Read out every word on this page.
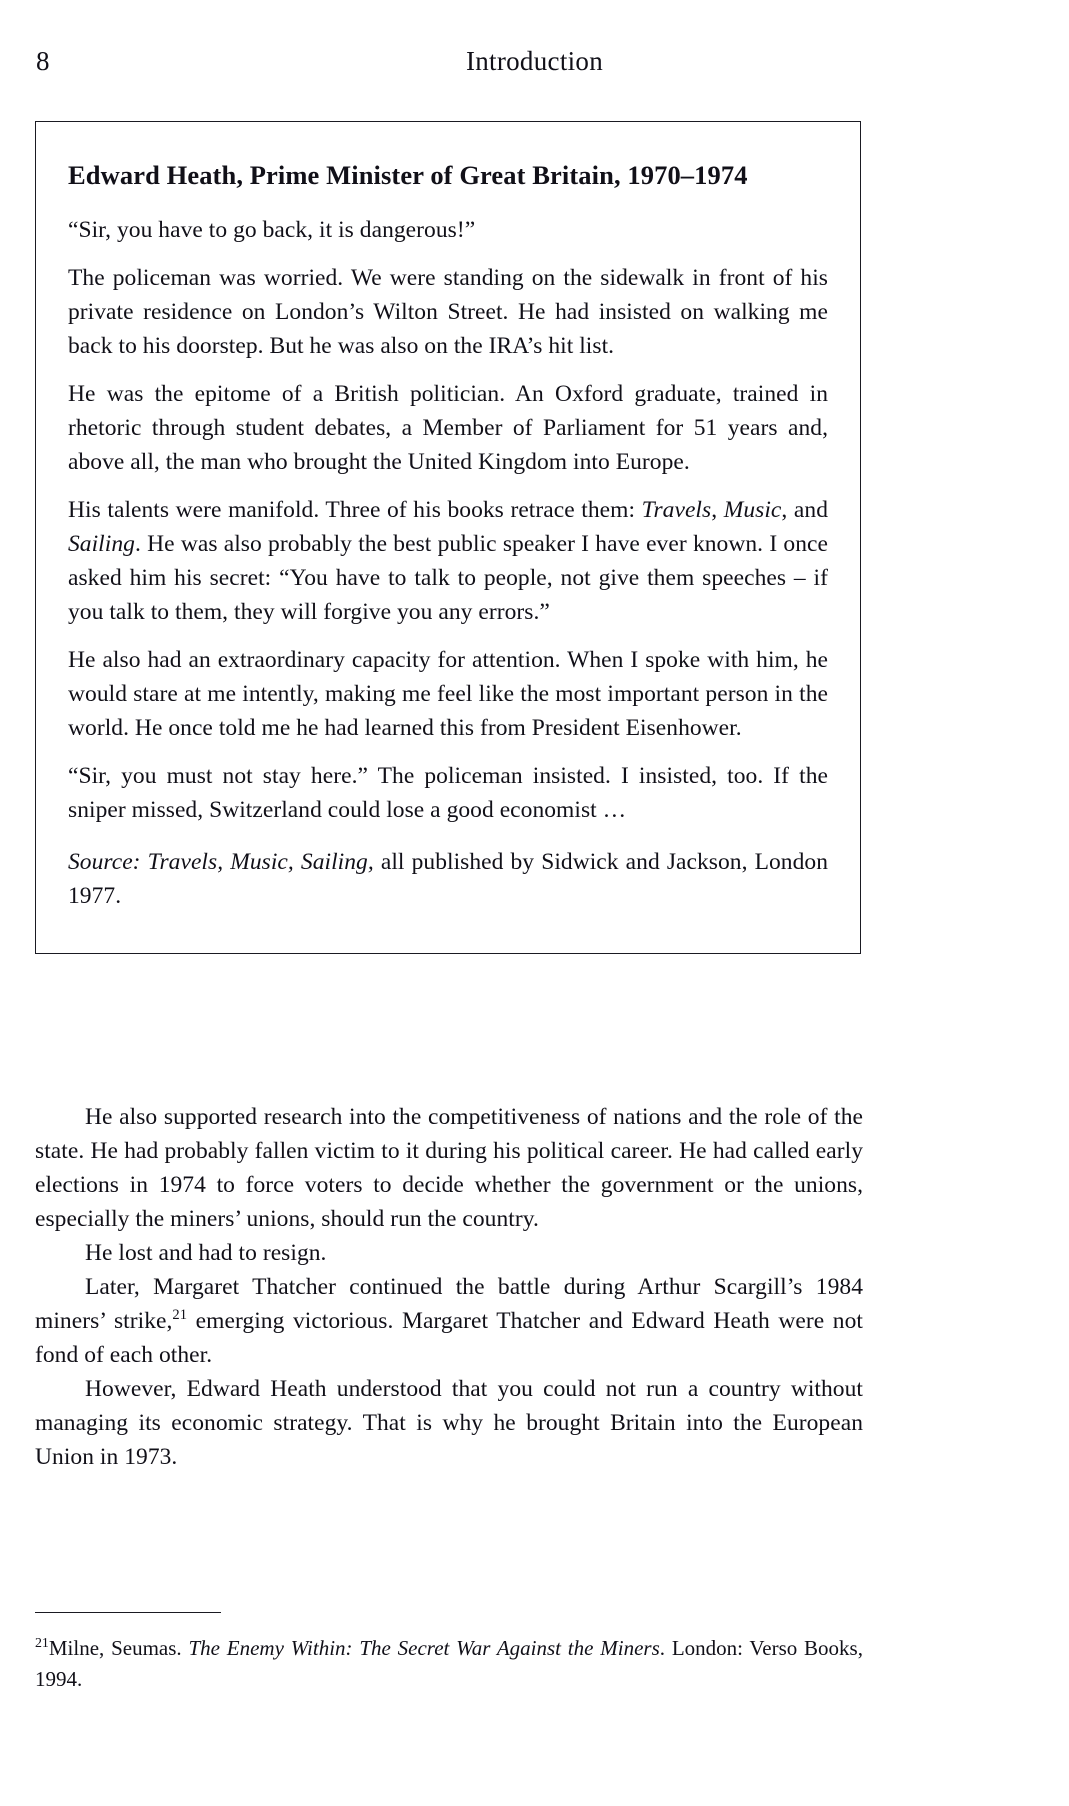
8	Introduction
Edward Heath, Prime Minister of Great Britain, 1970–1974

“Sir, you have to go back, it is dangerous!”

The policeman was worried. We were standing on the sidewalk in front of his private residence on London’s Wilton Street. He had insisted on walking me back to his doorstep. But he was also on the IRA’s hit list.

He was the epitome of a British politician. An Oxford graduate, trained in rhetoric through student debates, a Member of Parliament for 51 years and, above all, the man who brought the United Kingdom into Europe.

His talents were manifold. Three of his books retrace them: Travels, Music, and Sailing. He was also probably the best public speaker I have ever known. I once asked him his secret: “You have to talk to people, not give them speeches – if you talk to them, they will forgive you any errors.”

He also had an extraordinary capacity for attention. When I spoke with him, he would stare at me intently, making me feel like the most important person in the world. He once told me he had learned this from President Eisenhower.

“Sir, you must not stay here.” The policeman insisted. I insisted, too. If the sniper missed, Switzerland could lose a good economist …

Source: Travels, Music, Sailing, all published by Sidwick and Jackson, London 1977.

He also supported research into the competitiveness of nations and the role of the state. He had probably fallen victim to it during his political career. He had called early elections in 1974 to force voters to decide whether the government or the unions, especially the miners’ unions, should run the country.

He lost and had to resign.

Later, Margaret Thatcher continued the battle during Arthur Scargill’s 1984 miners’ strike,$^{21}$ emerging victorious. Margaret Thatcher and Edward Heath were not fond of each other.

However, Edward Heath understood that you could not run a country without managing its economic strategy. That is why he brought Britain into the European Union in 1973.

$^{21}$Milne, Seumas. The Enemy Within: The Secret War Against the Miners. London: Verso Books, 1994.
